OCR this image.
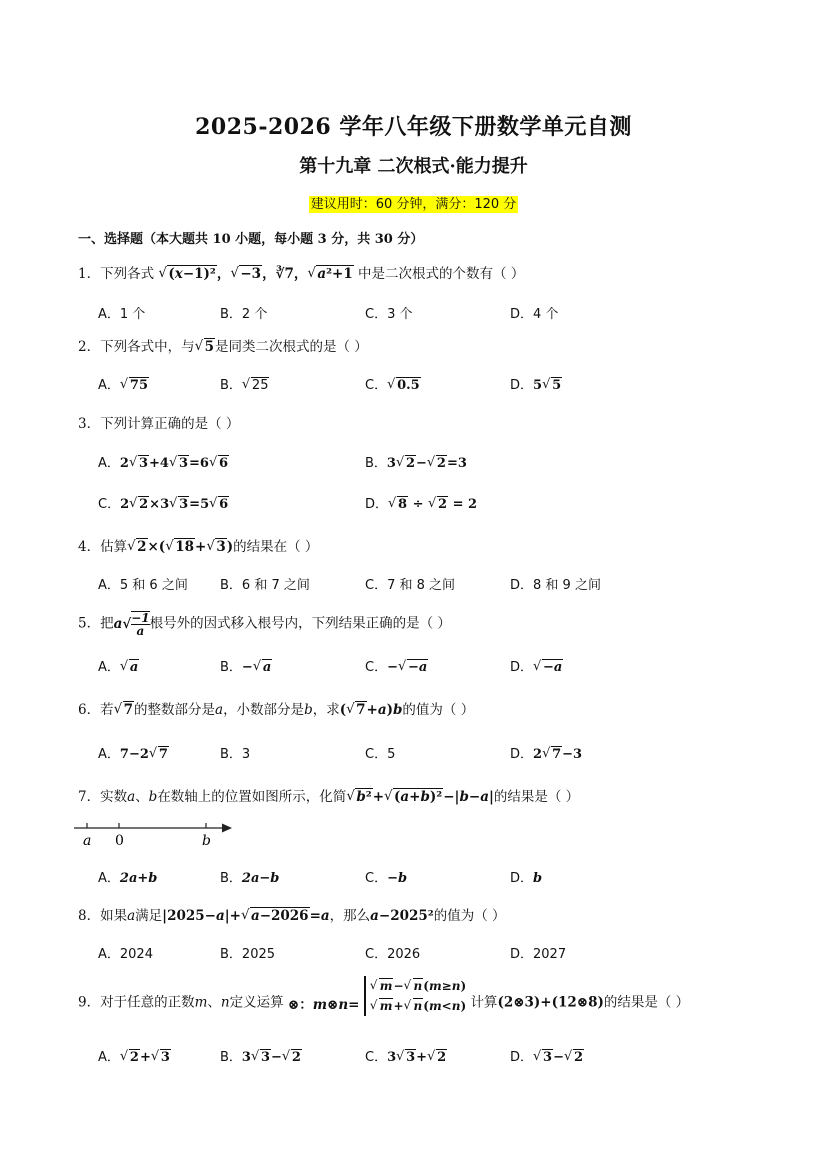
2025-2026 学年八年级下册数学单元自测
第十九章 二次根式·能力提升
建议用时：60 分钟，满分：120 分
一、选择题（本大题共 10 小题，每小题 3 分，共 30 分）
1．下列各式 √ (x−1)²， √ −3，∛7， √ a²+1 中是二次根式的个数有（ ）
A．1 个	B．2 个	C．3 个	D．4 个
2．下列各式中，与 √ 5是同类二次根式的是（ ）
A． √ 75	B． √ 25	C． √ 0.5	D．5 √ 5
3．下列计算正确的是（ ）
A．2 √ 3+4 √ 3=6 √ 6	B．3 √ 2− √ 2=3
C．2 √ 2×3 √ 3=5 √ 6	D． √ 8 ÷ √ 2 = 2
4．估算 √ 2×( √ 18+ √ 3)的结果在（ ）
A．5 和 6 之间 B．6 和 7 之间	C．7 和 8 之间	D．8 和 9 之间
5．把$a√ \frac{-1}{a}$ 根号外的因式移入根号内，下列结果正确的是（ ）
A． √ a	B．− √ a	C．− √ −a	D． √ −a
6．若 √ 7的整数部分是a，小数部分是b，求( √ 7+a)b的值为（ ）
A．7−2 √ 7	B．3	C．5	D．2 √ 7−3
7．实数a、b在数轴上的位置如图所示，化简 √ b²+ √ (a+b)²−|b−a|的结果是（ ）
a 0	b
A．2a+b	B．2a−b	C．−b	D．b
8．如果a满足|2025−a|+ √ a−2026=a，那么a−2025²的值为（ ）
A．2024	B．2025	C．2026	D．2027
9．对于任意的正数m、n定义运算 ⊗：m⊗n=
√ m− √ n(m≥n)
√ m+ √ n(m<n) 计算(2⊗3)+(12⊗8)的结果是（ ）
A． √ 2+ √ 3	B．3 √ 3− √ 2	C．3 √ 3+ √ 2	D． √ 3− √ 2
